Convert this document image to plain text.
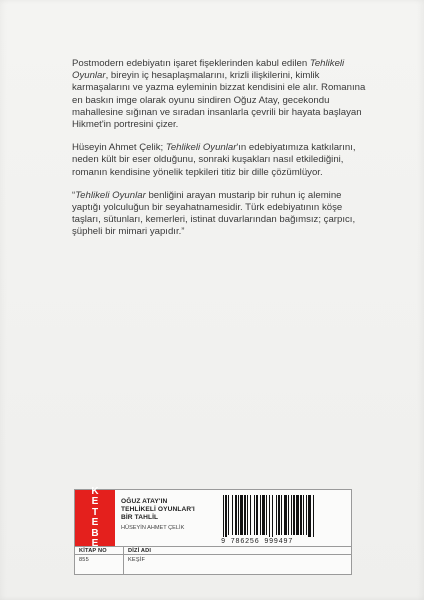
Postmodern edebiyatın işaret fişeklerinden kabul edilen Tehlikeli Oyunlar, bireyin iç hesaplaşmalarını, krizli ilişkilerini, kimlik karmaşalarını ve yazma eyleminin bizzat kendisini ele alır. Romanına en baskın imge olarak oyunu sindiren Oğuz Atay, gecekondu mahallesine sığınan ve sıradan insanlarla çevrili bir hayata başlayan Hikmet'in portresini çizer.

Hüseyin Ahmet Çelik; Tehlikeli Oyunlar'ın edebiyatımıza katkılarını, neden kült bir eser olduğunu, sonraki kuşakları nasıl etkilediğini, romanın kendisine yönelik tepkileri titiz bir dille çözümlüyor.

“Tehlikeli Oyunlar benliğini arayan mustarip bir ruhun iç alemine yaptığı yolculuğun bir seyahatnamesidir. Türk edebiyatının köşe taşları, sütunları, kemerleri, istinat duvarlarından bağımsız; çarpıcı, şüpheli bir mimari yapıdır.”

K
E
T
E
B
E
OĞUZ ATAY'IN
TEHLİKELİ OYUNLAR'I
BİR TAHLİL
HÜSEYİN AHMET ÇELİK
9 786256 999497
KİTAP NO	DİZİ ADI
855	KEŞİF
